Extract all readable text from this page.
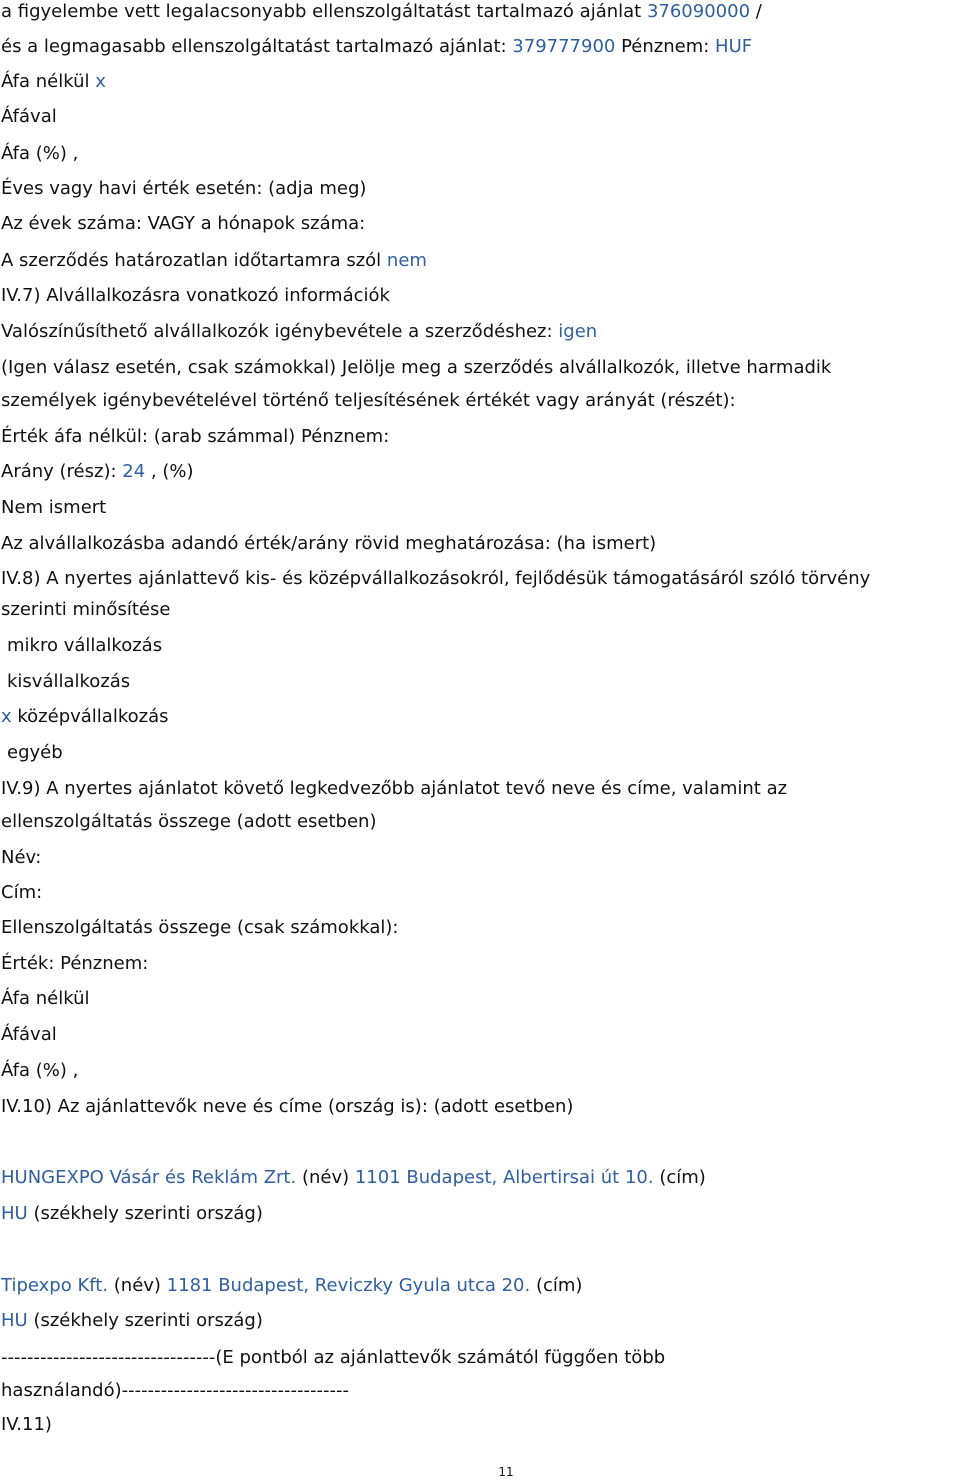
a figyelembe vett legalacsonyabb ellenszolgáltatást tartalmazó ajánlat 376090000 /
és a legmagasabb ellenszolgáltatást tartalmazó ajánlat: 379777900 Pénznem: HUF
Áfa nélkül x
Áfával
Áfa (%) ,
Éves vagy havi érték esetén: (adja meg)
Az évek száma: VAGY a hónapok száma:
A szerződés határozatlan időtartamra szól nem
IV.7) Alvállalkozásra vonatkozó információk
Valószínűsíthető alvállalkozók igénybevétele a szerződéshez: igen
(Igen válasz esetén, csak számokkal) Jelölje meg a szerződés alvállalkozók, illetve harmadik
személyek igénybevételével történő teljesítésének értékét vagy arányát (részét):
Érték áfa nélkül: (arab számmal) Pénznem:
Arány (rész): 24 , (%)
Nem ismert
Az alvállalkozásba adandó érték/arány rövid meghatározása: (ha ismert)
IV.8) A nyertes ajánlattevő kis- és középvállalkozásokról, fejlődésük támogatásáról szóló törvény
szerinti minősítése
mikro vállalkozás
kisvállalkozás
x középvállalkozás
egyéb
IV.9) A nyertes ajánlatot követő legkedvezőbb ajánlatot tevő neve és címe, valamint az
ellenszolgáltatás összege (adott esetben)
Név:
Cím:
Ellenszolgáltatás összege (csak számokkal):
Érték: Pénznem:
Áfa nélkül
Áfával
Áfa (%) ,
IV.10) Az ajánlattevők neve és címe (ország is): (adott esetben)
HUNGEXPO Vásár és Reklám Zrt. (név) 1101 Budapest, Albertirsai út 10. (cím)
HU (székhely szerinti ország)
Tipexpo Kft. (név) 1181 Budapest, Reviczky Gyula utca 20. (cím)
HU (székhely szerinti ország)
---------------------------------(E pontból az ajánlattevők számától függően több
használandó)-----------------------------------
IV.11)
11
